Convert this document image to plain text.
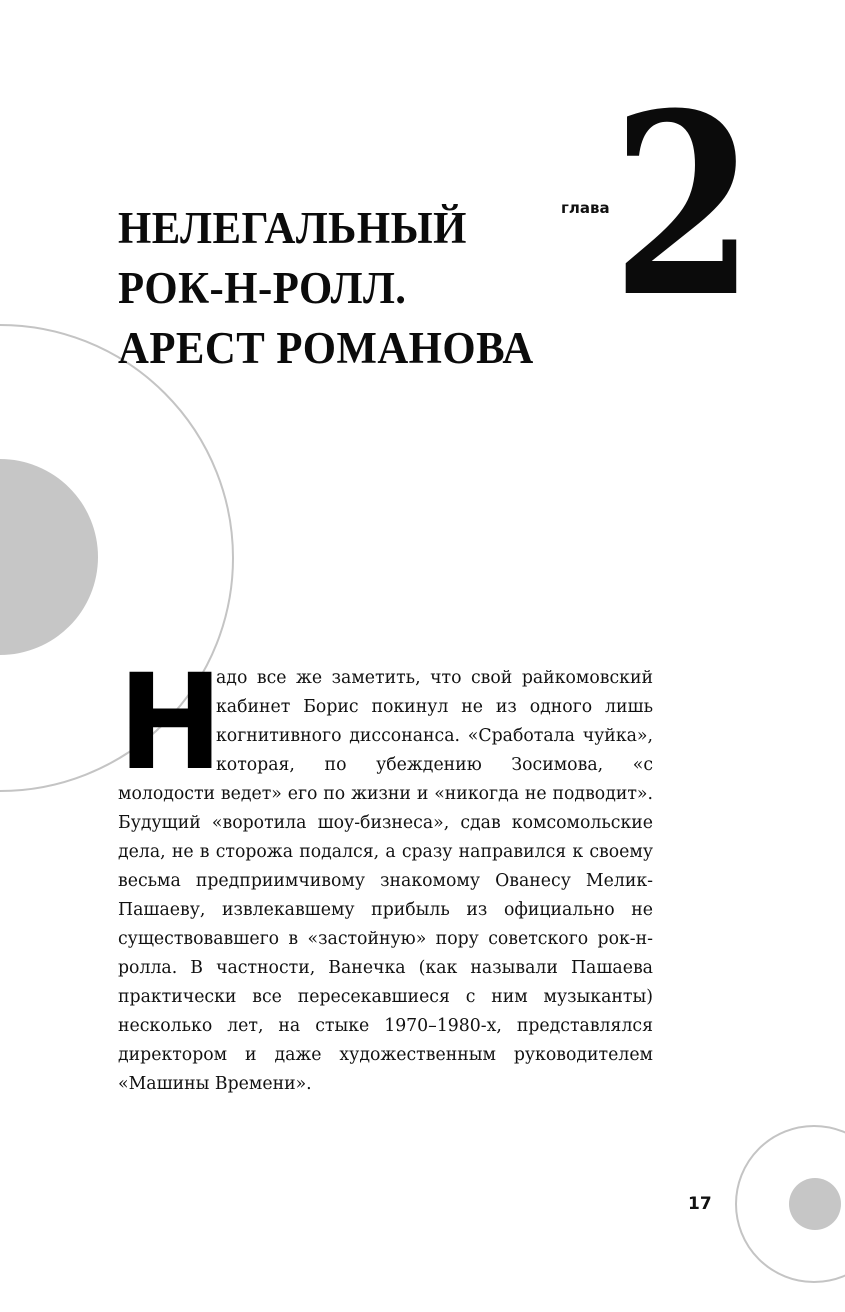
НЕЛЕГАЛЬНЫЙ
РОК-Н-РОЛЛ.
АРЕСТ РОМАНОВА
глава 2

Н
адо все же заметить, что свой райкомовский кабинет Борис покинул не из одного лишь когнитивного диссонанса. «Сработала чуйка», которая, по убеждению Зосимова, «с молодости ведет» его по жизни и «никогда не подводит». Будущий «воротила шоу-бизнеса», сдав комсомольские дела, не в сторожа подался, а сразу направился к своему весьма предприимчивому знакомому Ованесу Мелик-Пашаеву, извлекавшему прибыль из официально не существовавшего в «застойную» пору советского рок-н-ролла. В частности, Ванечка (как называли Пашаева практически все пересекавшиеся с ним музыканты) несколько лет, на стыке 1970–1980-х, представлялся директором и даже художественным руководителем «Машины Времени».

17
